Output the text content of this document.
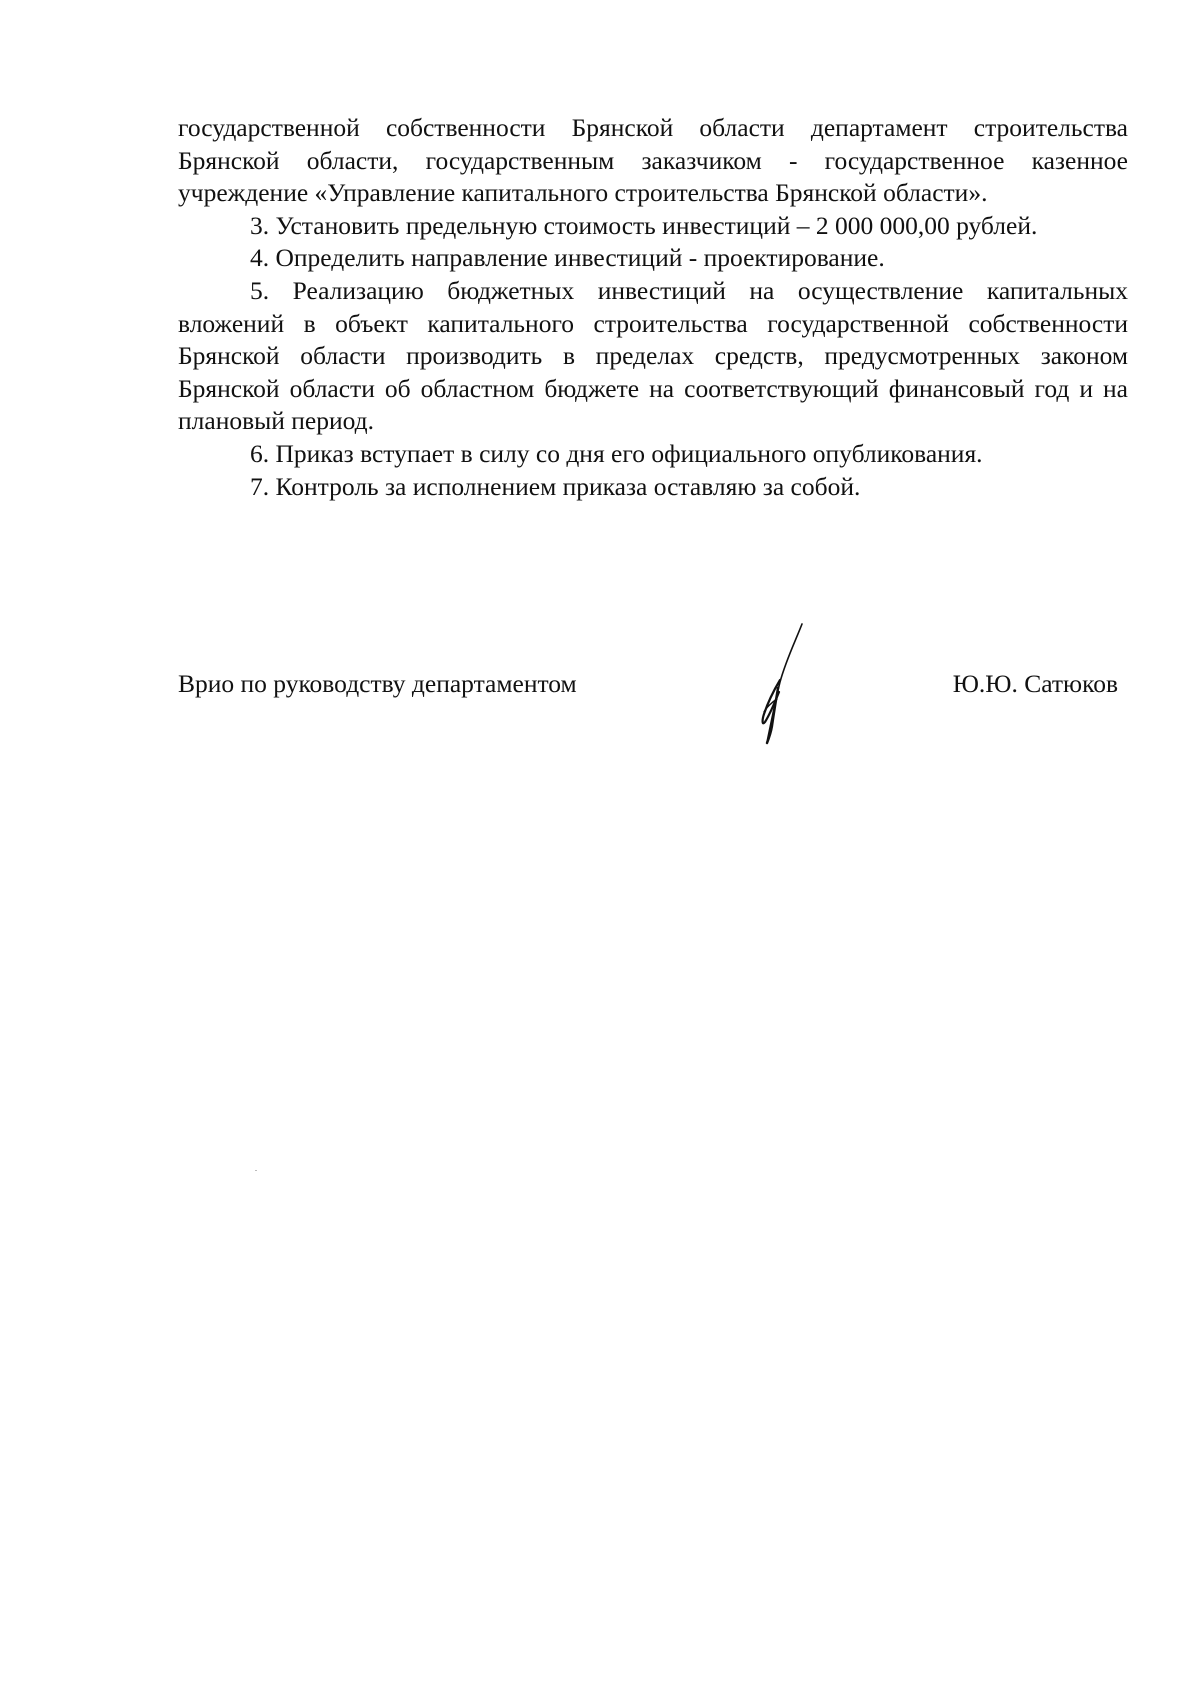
государственной собственности Брянской области департамент строительства Брянской области, государственным заказчиком - государственное казенное учреждение «Управление капитального строительства Брянской области».

3. Установить предельную стоимость инвестиций – 2 000 000,00 рублей.

4. Определить направление инвестиций - проектирование.

5. Реализацию бюджетных инвестиций на осуществление капитальных вложений в объект капитального строительства государственной собственности Брянской области производить в пределах средств, предусмотренных законом Брянской области об областном бюджете на соответствующий финансовый год и на плановый период.

6. Приказ вступает в силу со дня его официального опубликования.

7. Контроль за исполнением приказа оставляю за собой.

Врио по руководству департаментом	Ю.Ю. Сатюков
